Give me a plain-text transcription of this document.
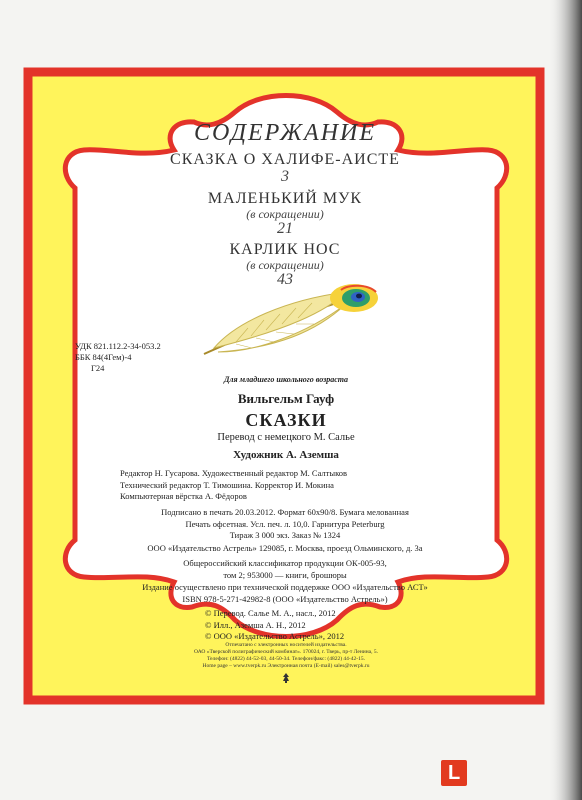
СОДЕРЖАНИЕ
СКАЗКА О ХАЛИФЕ-АИСТЕ
3
МАЛЕНЬКИЙ МУК
(в сокращении)
21
КАРЛИК НОС
(в сокращении)
43
УДК 821.112.2-34-053.2
ББК 84(4Гем)-4
Г24
Для младшего школьного возраста
Вильгельм Гауф
СКАЗКИ
Перевод с немецкого М. Салье
Художник А. Аземша
Редактор Н. Гусарова. Художественный редактор М. Салтыков
Технический редактор Т. Тимошина. Корректор И. Мокина
Компьютерная вёрстка А. Фёдоров
Подписано в печать 20.03.2012. Формат 60х90/8. Бумага мелованная
Печать офсетная. Усл. печ. л. 10,0. Гарнитура Peterburg
Тираж 3 000 экз. Заказ № 1324
ООО «Издательство Астрель» 129085, г. Москва, проезд Ольминского, д. 3а
Общероссийский классификатор продукции ОК-005-93,
том 2; 953000 — книги, брошюры
Издание осуществлено при технической поддержке ООО «Издательство АСТ»
ISBN 978-5-271-42982-8 (ООО «Издательство Астрель»)
© Перевод. Салье М. А., насл., 2012
© Илл., Аземша А. Н., 2012
© ООО «Издательство Астрель», 2012
Отпечатано с электронных носителей издательства.
ОАО «Тверской полиграфический комбинат». 170024, г. Тверь, пр-т Ленина, 5.
Телефон: (4822) 44-52-03, 44-50-34. Телефон/факс: (4822) 44-42-15.
Home page – www.tverpk.ru Электронная почта (E-mail) sales@tverpk.ru
L
